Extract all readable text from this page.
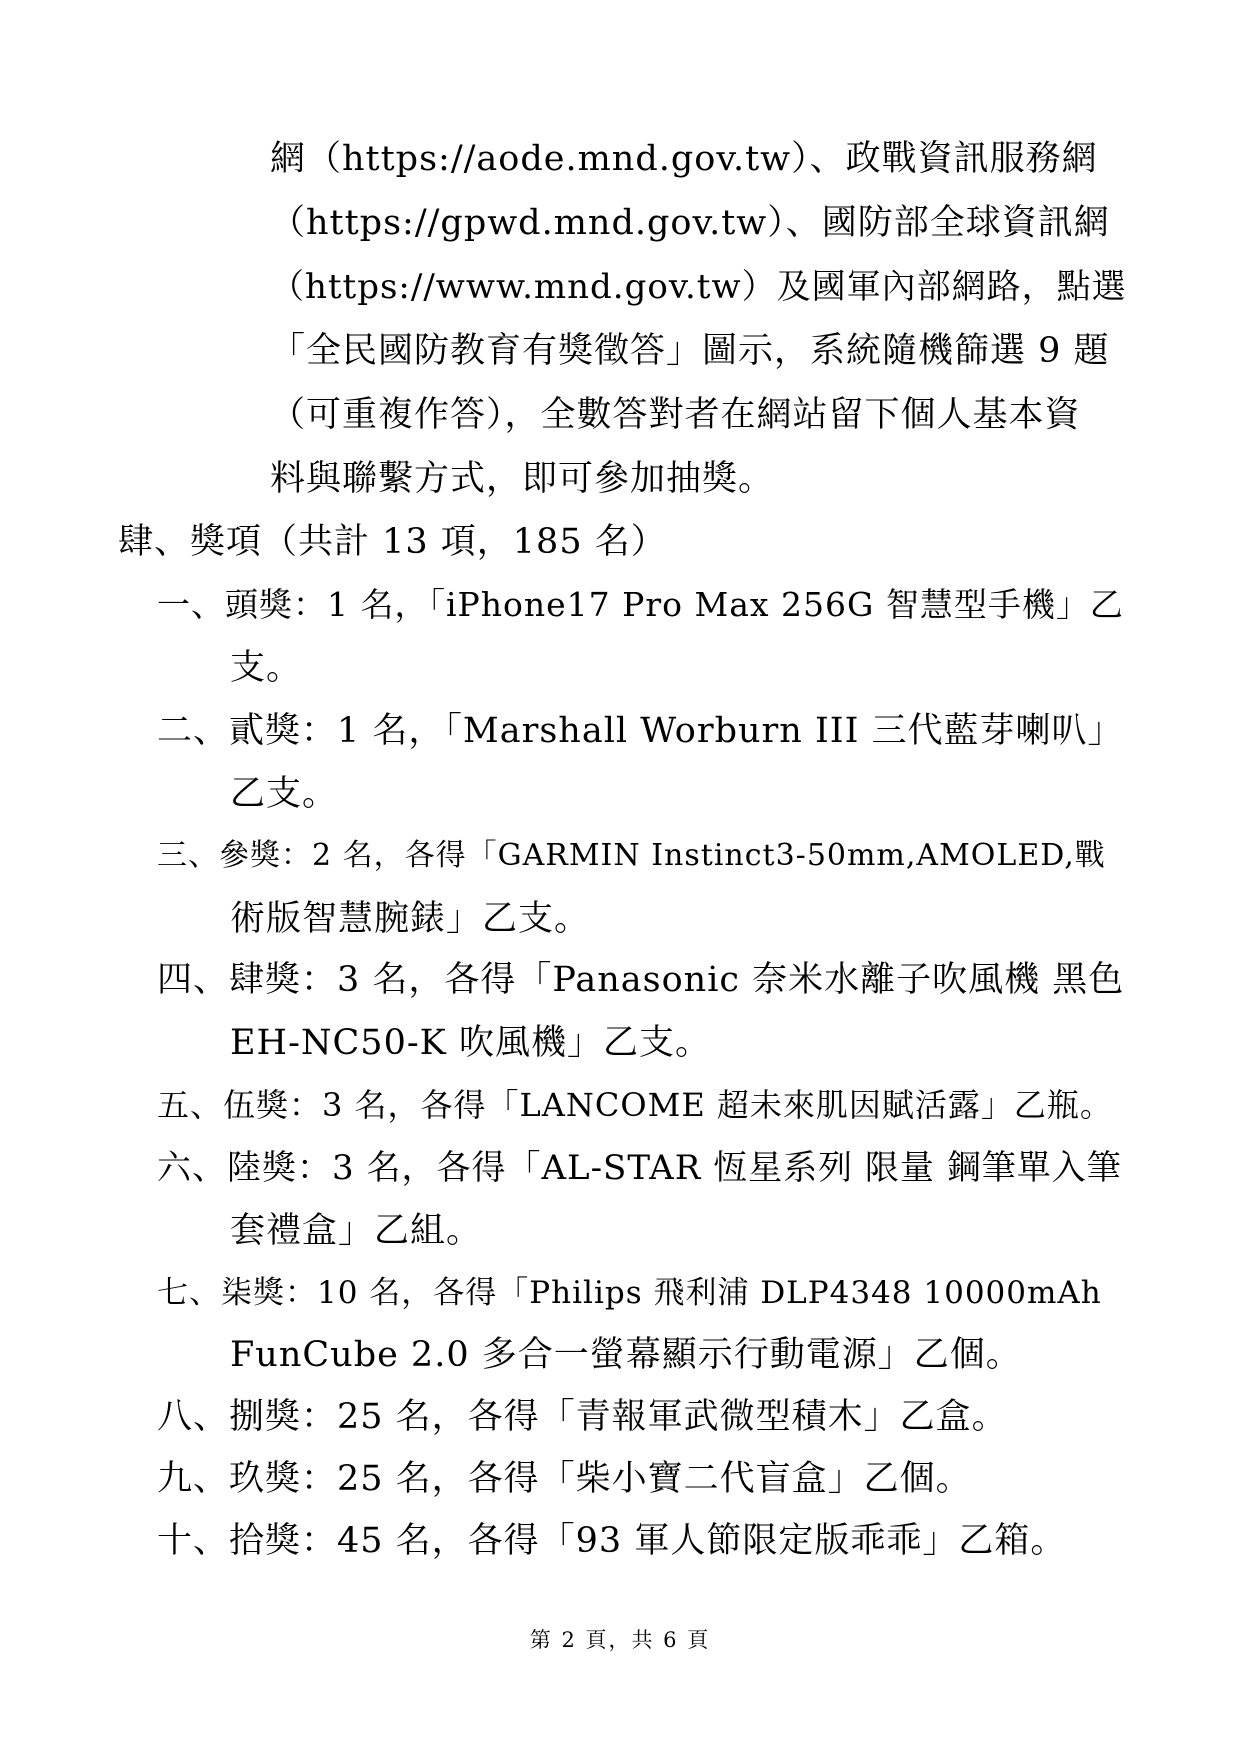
網（https://aode.mnd.gov.tw）、政戰資訊服務網
（https://gpwd.mnd.gov.tw）、國防部全球資訊網
（https://www.mnd.gov.tw）及國軍內部網路，點選
「全民國防教育有獎徵答」圖示，系統隨機篩選 9 題
（可重複作答），全數答對者在網站留下個人基本資
料與聯繫方式，即可參加抽獎。
肆、獎項（共計 13 項，185 名）
一、頭獎：1 名，「iPhone17 Pro Max 256G 智慧型手機」乙
支。
二、貳獎：1 名，「Marshall Worburn III 三代藍芽喇叭」
乙支。
三、參獎：2 名，各得「GARMIN Instinct3-50mm,AMOLED,戰
術版智慧腕錶」乙支。
四、肆獎：3 名，各得「Panasonic 奈米水離子吹風機 黑色
EH-NC50-K 吹風機」乙支。
五、伍獎：3 名，各得「LANCOME 超未來肌因賦活露」乙瓶。
六、陸獎：3 名，各得「AL-STAR 恆星系列 限量 鋼筆單入筆
套禮盒」乙組。
七、柒獎：10 名，各得「Philips 飛利浦 DLP4348 10000mAh
FunCube 2.0 多合一螢幕顯示行動電源」乙個。
八、捌獎：25 名，各得「青報軍武微型積木」乙盒。
九、玖獎：25 名，各得「柴小寶二代盲盒」乙個。
十、拾獎：45 名，各得「93 軍人節限定版乖乖」乙箱。
第 2 頁，共 6 頁
